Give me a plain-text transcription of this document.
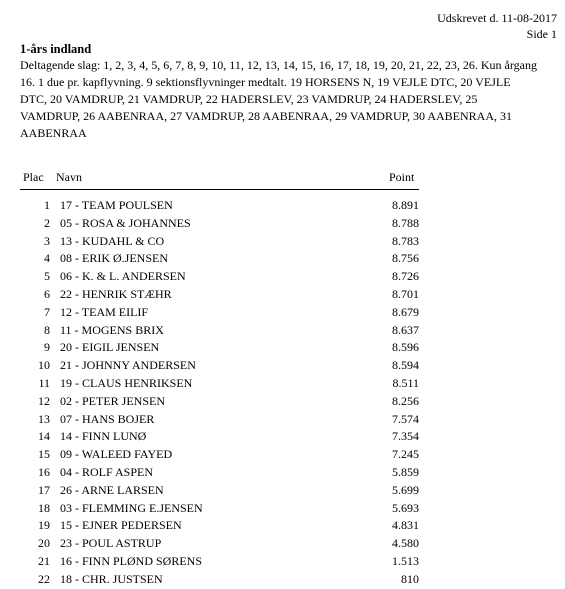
Udskrevet d. 11-08-2017
Side 1
1-års indland
Deltagende slag: 1, 2, 3, 4, 5, 6, 7, 8, 9, 10, 11, 12, 13, 14, 15, 16, 17, 18, 19, 20, 21, 22, 23, 26. Kun årgang 16. 1 due pr. kapflyvning. 9 sektionsflyvninger medtalt. 19 HORSENS N, 19 VEJLE DTC, 20 VEJLE DTC, 20 VAMDRUP, 21 VAMDRUP, 22 HADERSLEV, 23 VAMDRUP, 24 HADERSLEV, 25 VAMDRUP, 26 AABENRAA, 27 VAMDRUP, 28 AABENRAA, 29 VAMDRUP, 30 AABENRAA, 31 AABENRAA
Plac Navn	Point
1 17 - TEAM POULSEN	8.891
2 05 - ROSA & JOHANNES	8.788
3 13 - KUDAHL & CO	8.783
4 08 - ERIK Ø.JENSEN	8.756
5 06 - K. & L. ANDERSEN	8.726
6 22 - HENRIK STÆHR	8.701
7 12 - TEAM EILIF	8.679
8 11 - MOGENS BRIX	8.637
9 20 - EIGIL JENSEN	8.596
10 21 - JOHNNY ANDERSEN	8.594
11 19 - CLAUS HENRIKSEN	8.511
12 02 - PETER JENSEN	8.256
13 07 - HANS BOJER	7.574
14 14 - FINN LUNØ	7.354
15 09 - WALEED FAYED	7.245
16 04 - ROLF ASPEN	5.859
17 26 - ARNE LARSEN	5.699
18 03 - FLEMMING E.JENSEN	5.693
19 15 - EJNER PEDERSEN	4.831
20 23 - POUL ASTRUP	4.580
21 16 - FINN PLØND SØRENS	1.513
22 18 - CHR. JUSTSEN	810
